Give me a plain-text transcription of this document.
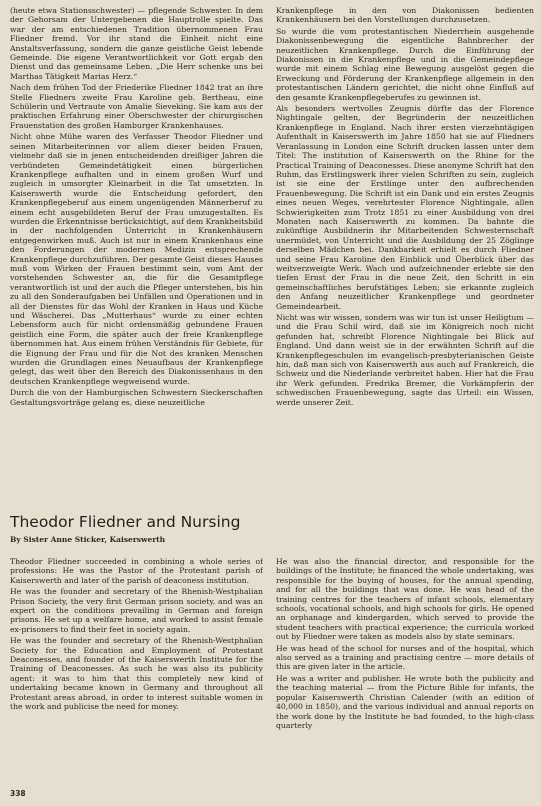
(heute etwa Stationsschwester) — pflegende Schwester. In dem der Gehorsam der Untergebenen die Hauptrolle spielte. Das war der am entschiedenen Tradition übernommenen Frau Fliedner fremd. Vor ihr stand die Einheit nicht eine Anstaltsverfassung, sondern die ganze geistliche Geist lebende Gemeinde. Die eigene Verantwortlichkeit vor Gott ergab den Dienst und das gemeinsame Leben. „Die Herr schenke uns bei Marthas Tätigkeit Marias Herz.“

Nach dem frühen Tod der Friederike Fliedner 1842 trat an ihre Stelle Fliedners zweite Frau Karoline geb. Bertheau, eine Schülerin und Vertraute von Amalie Sieveking. Sie kam aus der praktischen Erfahrung einer Oberschwester der chirurgischen Frauenstation des großen Hamburger Krankenhauses.

Nicht ohne Mühe waren des Verfasser Theodor Fliedner und seinen Mitarbeiterinnen vor allem dieser beiden Frauen, vielmehr daß sie in jenen entscheidenden dreißiger Jahren die verbündeten Gemeindetätigkeit einen bürgerlichen Krankenpflege aufhalten und in einem großen Wurf und zugleich in umsorgter Kleinarbeit in die Tat umsetzten. In Kaiserswerth wurde die Entscheidung gefordert, den Krankenpflegeberuf aus einem ungenügenden Männerberuf zu einem echt ausgebildeten Beruf der Frau umzugestalten. Es wurden die Erkenntnisse berücksichtigt, auf dem Krankheitsbild in der nachfolgenden Unterricht in Krankenhäusern entgegenwirken muß. Auch ist nur in einem Krankenhaus eine den Forderungen der modernen Medizin entsprechende Krankenpflege durchzuführen. Der gesamte Geist dieses Hauses muß vom Wirken der Frauen bestimmt sein, vom Amt der vorstehenden Schwester an, die für die Gesamtpflege verantwortlich ist und der auch die Pfleger unterstehen, bis hin zu all den Sonderaufgaben bei Unfällen und Operationen und in all der Dienstes für das Wohl der Kranken in Haus und Küche und Wäscherei. Das „Mutterhaus“ wurde zu einer echten Lebensform auch für nicht ordensmäßig gebundene Frauen geistlich eine Form, die später auch der freie Krankenpflege übernommen hat. Aus einem frühen Verständnis für Gebiete, für die Eignung der Frau und für die Not des kranken Menschen wurden die Grundlagen eines Neuaufbaus der Krankenpflege gelegt, das weit über den Bereich des Diakonissenhaus in den deutschen Krankenpflege wegweisend wurde.

Durch die von der Hamburgischen Schwestern Sieckerschaften Gestaltungsvorträge gelang es, diese neuzeitliche

Krankenpflege in den von Diakonissen bedienten Krankenhäusern bei den Vorstellungen durchzusetzen.

So wurde die vom protestantischen Niederrhein ausgehende Diakonissenbewegung die eigentliche Bahnbrecher der neuzeitlichen Krankenpflege. Durch die Einführung der Diakonissen in die Krankenpflege und in die Gemeindepflege wurde mit einem Schlag eine Bewegung ausgelöst gegen die Erweckung und Förderung der Krankenpflege allgemein in den protestantischen Ländern gerichtet, die nicht ohne Einfluß auf den gesamte Krankenpflegeberufes zu gewinnen ist.

Als besonders wertvolles Zeugnis dürfte das der Florence Nightingale gelten, der Begründerin der neuzeitlichen Krankenpflege in England. Nach ihrer ersten vierzehntägigen Aufenthalt in Kaiserswerth im Jahre 1850 hat sie auf Fliedners Veranlassung in London eine Schrift drucken lassen unter dem Titel: The institution of Kaiserswerth on the Rhine for the Practical Training of Deaconesses. Diese anonyme Schrift hat den Ruhm, das Erstlingswerk ihrer vielen Schriften zu sein, zugleich ist sie eine der Erstlinge unter den aufbrechenden Frauenbewegung. Die Schrift ist ein Dank und ein erstes Zeugnis eines neuen Weges, verehrtester Florence Nightingale, allen Schwierigkeiten zum Trotz 1851 zu einer Ausbildung von drei Monaten nach Kaiserswerth zu kommen. Da bahnte die zukünftige Ausbildnerin ihr Mitarbeitenden Schwesternschaft unermüdet, von Unterricht und die Ausbildung der 25 Zöglinge derselben Mädchen bei. Dankbarkeit erhielt es durch Fliedner und seine Frau Karoline den Einblick und Überblick über das weitverzweigte Werk. Wach und aufzeichnender erlebte sie den tiefen Ernst der Frau in die neue Zeit, den Schritt in ein gemeinschaftliches berufstätiges Leben; sie erkannte zugleich den Anfang neuzeitlicher Krankenpflege und geordneter Gemeindearbeit.

Nicht was wir wissen, sondern was wir tun ist unser Heiligtum — und die Frau Schil wird, daß sie im Königreich noch nicht gefunden hat, schreibt Florence Nightingale bei Blick auf England. Und dann weist sie in der erwähnten Schrift auf die Krankenpflegeschulen im evangelisch-presbyterianischen Geiste hin, daß man sich von Kaiserswerth aus auch auf Frankreich, die Schweiz und die Niederlande verbreitet haben. Hier hat die Frau ihr Werk gefunden. Fredrika Bremer, die Vorkämpferin der schwedischen Frauenbewegung, sagte das Urteil: ein Wissen, werde unserer Zeit.

Theodor Fliedner and Nursing
By Sister Anne Sticker, Kaiserswerth

Theodor Fliedner succeeded in combining a whole series of professions: He was the Pastor of the Protestant parish of Kaiserswerth and later of the parish of deaconess institution.

He was the founder and secretary of the Rhenish-Westphalian Prison Society, the very first German prison society, and was an expert on the conditions prevailing in German and foreign prisons. He set up a welfare home, and worked to assist female ex-prisoners to find their feet in society again.

He was the founder and secretary of the Rhenish-Westphalian Society for the Education and Employment of Protestant Deaconesses, and founder of the Kaiserswerth Institute for the Training of Deaconesses. As such he was also its publicity agent: it was to him that this completely new kind of undertaking became known in Germany and throughout all Protestant areas abroad, in order to interest suitable women in the work and publicise the need for money.

He was also the financial director, and responsible for the buildings of the Institute; he financed the whole undertaking, was responsible for the buying of houses, for the annual spending, and for all the buildings that was done. He was head of the training centres for the teachers of infant schools, elementary schools, vocational schools, and high schools for girls. He opened an orphanage and kindergarden, which served to provide the student teachers with practical experience; the curricula worked out by Fliedner were taken as models also by state seminars.

He was head of the school for nurses and of the hospital, which also served as a training and practising centre — more details of this are given later in the article.

He was a writer and publisher. He wrote both the publicity and the teaching material — from the Picture Bible for infants, the popular Kaiserswerth Christian Calender (with an edition of 40,000 in 1850), and the various individual and annual reports on the work done by the Institute he had founded, to the high-class quarterly

338
